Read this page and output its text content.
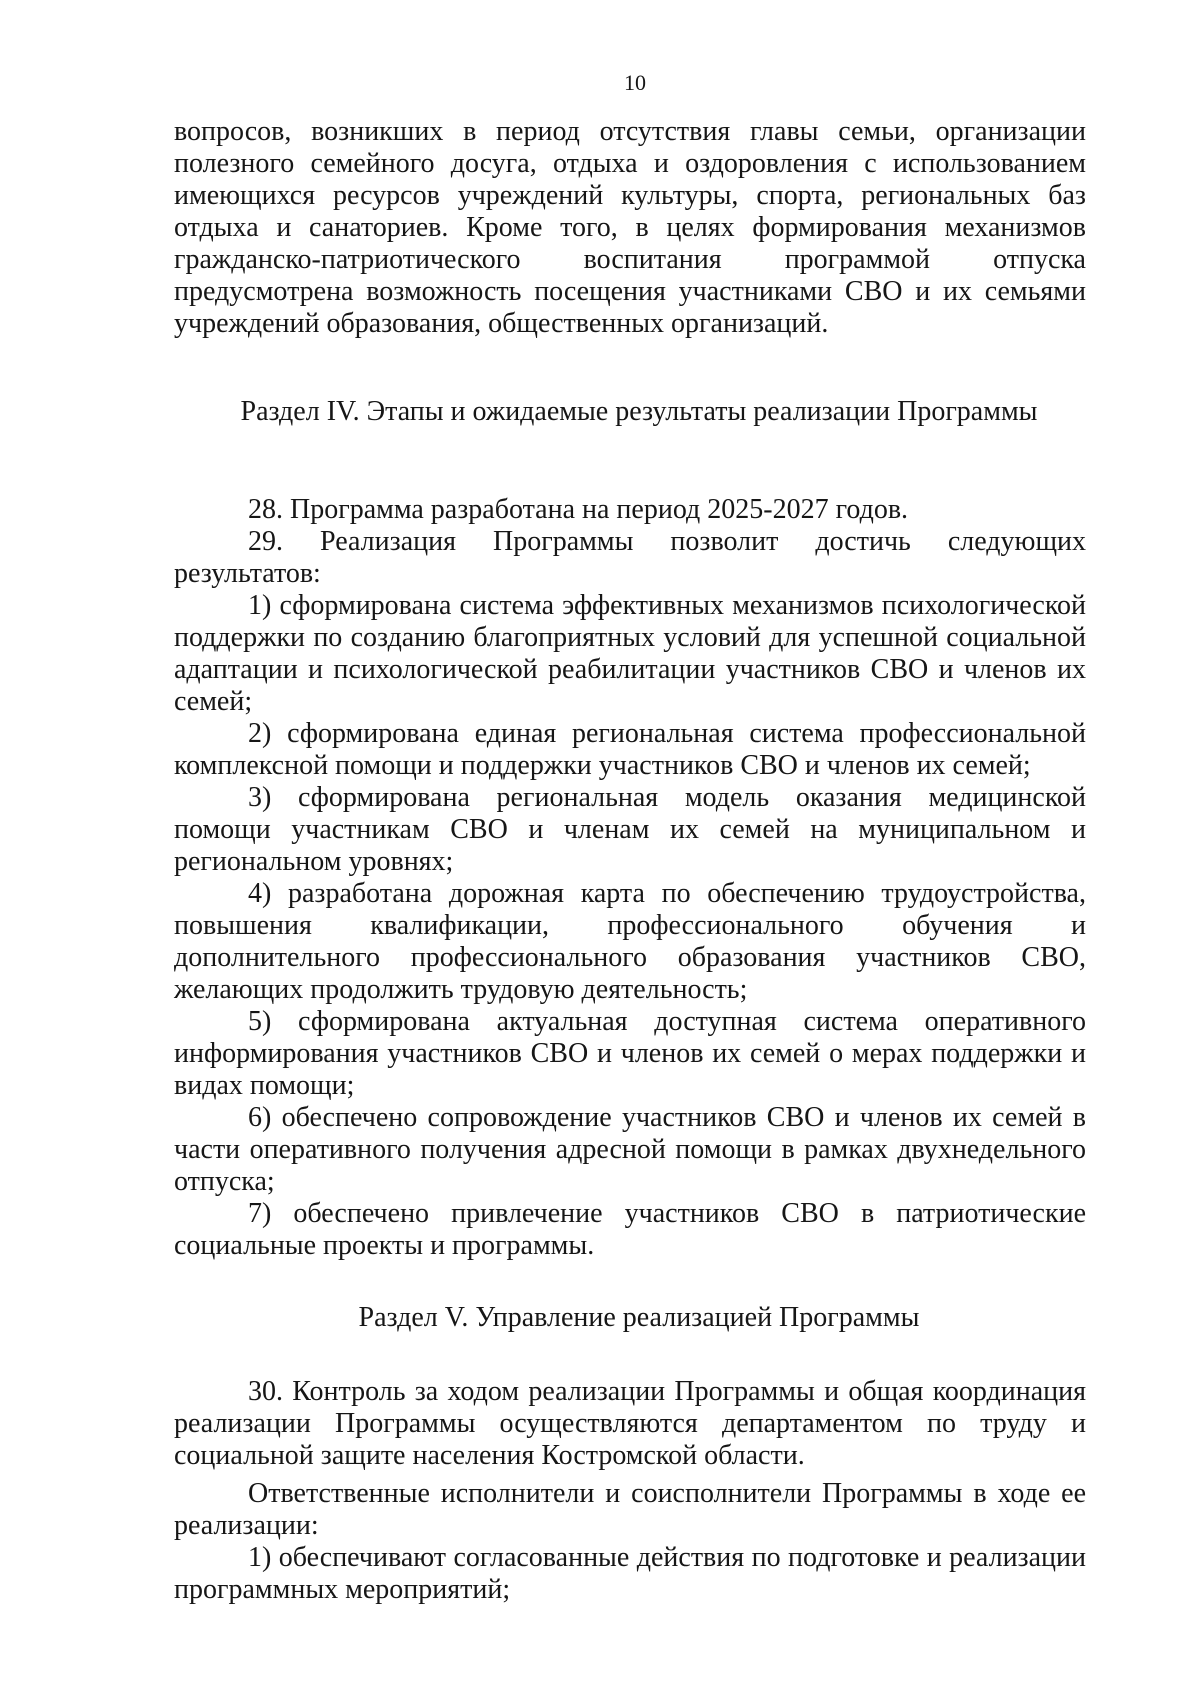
10

вопросов, возникших в период отсутствия главы семьи, организации полезного семейного досуга, отдыха и оздоровления с использованием имеющихся ресурсов учреждений культуры, спорта, региональных баз отдыха и санаториев. Кроме того, в целях формирования механизмов гражданско-патриотического воспитания программой отпуска предусмотрена возможность посещения участниками СВО и их семьями учреждений образования, общественных организаций.

Раздел IV. Этапы и ожидаемые результаты реализации Программы

28. Программа разработана на период 2025-2027 годов.

29. Реализация Программы позволит достичь следующих результатов:

1) сформирована система эффективных механизмов психологической поддержки по созданию благоприятных условий для успешной социальной адаптации и психологической реабилитации участников СВО и членов их семей;

2) сформирована единая региональная система профессиональной комплексной помощи и поддержки участников СВО и членов их семей;

3) сформирована региональная модель оказания медицинской помощи участникам СВО и членам их семей на муниципальном и региональном уровнях;

4) разработана дорожная карта по обеспечению трудоустройства, повышения квалификации, профессионального обучения и дополнительного профессионального образования участников СВО, желающих продолжить трудовую деятельность;

5) сформирована актуальная доступная система оперативного информирования участников СВО и членов их семей о мерах поддержки и видах помощи;

6) обеспечено сопровождение участников СВО и членов их семей в части оперативного получения адресной помощи в рамках двухнедельного отпуска;

7) обеспечено привлечение участников СВО в патриотические социальные проекты и программы.

Раздел V. Управление реализацией Программы

30. Контроль за ходом реализации Программы и общая координация реализации Программы осуществляются департаментом по труду и социальной защите населения Костромской области.

Ответственные исполнители и соисполнители Программы в ходе ее реализации:

1) обеспечивают согласованные действия по подготовке и реализации программных мероприятий;
